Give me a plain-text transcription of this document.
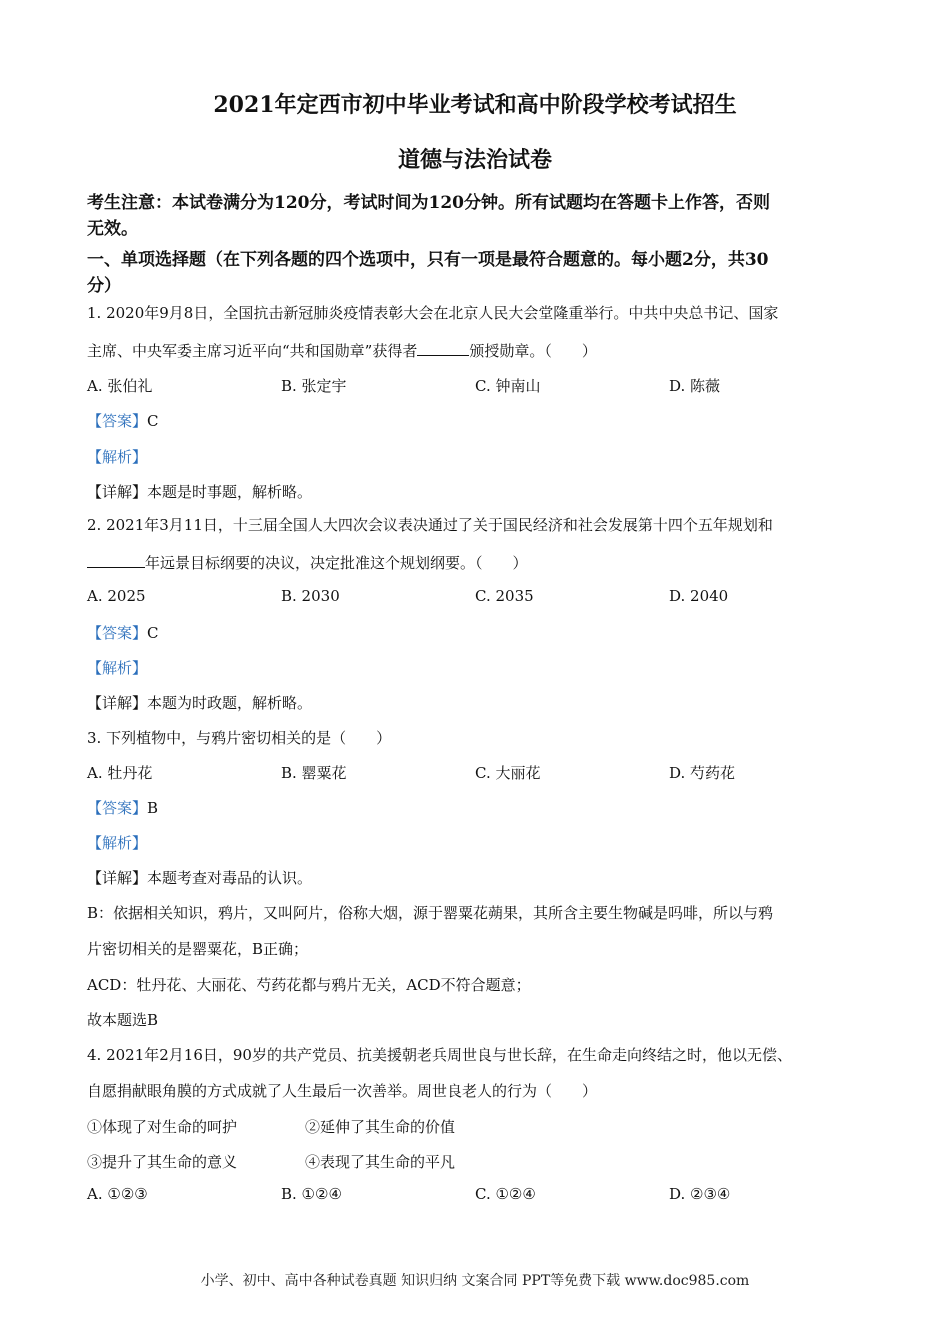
2021年定西市初中毕业考试和高中阶段学校考试招生
道德与法治试卷
考生注意：本试卷满分为120分，考试时间为120分钟。所有试题均在答题卡上作答，否则
无效。
一、单项选择题（在下列各题的四个选项中，只有一项是最符合题意的。每小题2分，共30
分）
1. 2020年9月8日，全国抗击新冠肺炎疫情表彰大会在北京人民大会堂隆重举行。中共中央总书记、国家
主席、中央军委主席习近平向“共和国勋章”获得者	颁授勋章。（　　）
A. 张伯礼	B. 张定宇	C. 钟南山	D. 陈薇
【答案】C
【解析】
【详解】本题是时事题，解析略。
2. 2021年3月11日，十三届全国人大四次会议表决通过了关于国民经济和社会发展第十四个五年规划和
年远景目标纲要的决议，决定批准这个规划纲要。（　　）
A. 2025	B. 2030	C. 2035	D. 2040
【答案】C
【解析】
【详解】本题为时政题，解析略。
3. 下列植物中，与鸦片密切相关的是（　　）
A. 牡丹花	B. 罂粟花	C. 大丽花	D. 芍药花
【答案】B
【解析】
【详解】本题考查对毒品的认识。
B：依据相关知识，鸦片，又叫阿片，俗称大烟，源于罂粟花蒴果，其所含主要生物碱是吗啡，所以与鸦
片密切相关的是罂粟花，B正确；
ACD：牡丹花、大丽花、芍药花都与鸦片无关，ACD不符合题意；
故本题选B
4. 2021年2月16日，90岁的共产党员、抗美援朝老兵周世良与世长辞，在生命走向终结之时，他以无偿、
自愿捐献眼角膜的方式成就了人生最后一次善举。周世良老人的行为（　　）
①体现了对生命的呵护	②延伸了其生命的价值
③提升了其生命的意义	④表现了其生命的平凡
A. ①②③	B. ①②④	C. ①②④	D. ②③④
小学、初中、高中各种试卷真题 知识归纳 文案合同 PPT等免费下载 www.doc985.com
